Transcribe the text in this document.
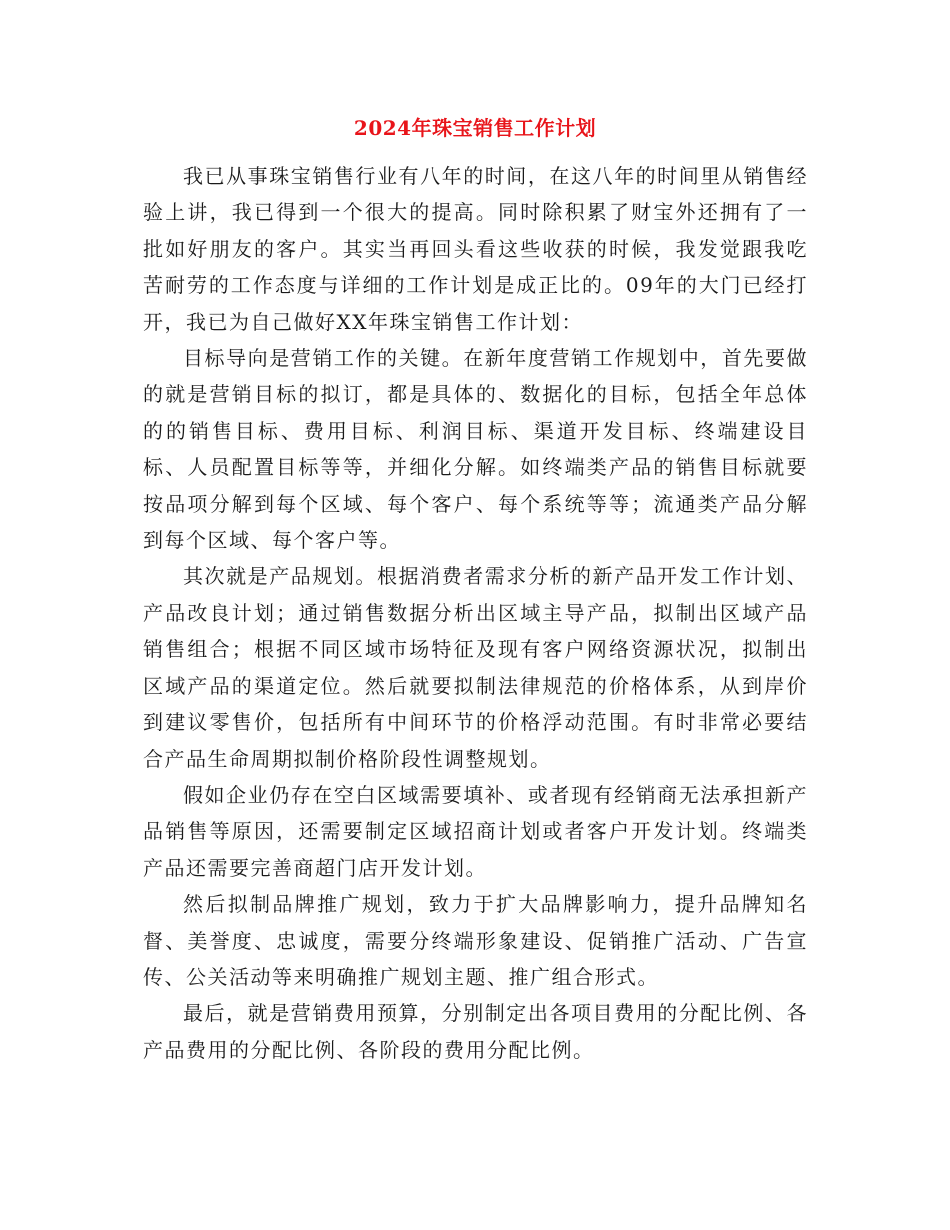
2024年珠宝销售工作计划

我已从事珠宝销售行业有八年的时间，在这八年的时间里从销售经验上讲，我已得到一个很大的提高。同时除积累了财宝外还拥有了一批如好朋友的客户。其实当再回头看这些收获的时候，我发觉跟我吃苦耐劳的工作态度与详细的工作计划是成正比的。09年的大门已经打开，我已为自己做好XX年珠宝销售工作计划：

目标导向是营销工作的关键。在新年度营销工作规划中，首先要做的就是营销目标的拟订，都是具体的、数据化的目标，包括全年总体的的销售目标、费用目标、利润目标、渠道开发目标、终端建设目标、人员配置目标等等，并细化分解。如终端类产品的销售目标就要按品项分解到每个区域、每个客户、每个系统等等；流通类产品分解到每个区域、每个客户等。

其次就是产品规划。根据消费者需求分析的新产品开发工作计划、产品改良计划；通过销售数据分析出区域主导产品，拟制出区域产品销售组合；根据不同区域市场特征及现有客户网络资源状况，拟制出区域产品的渠道定位。然后就要拟制法律规范的价格体系，从到岸价到建议零售价，包括所有中间环节的价格浮动范围。有时非常必要结合产品生命周期拟制价格阶段性调整规划。

假如企业仍存在空白区域需要填补、或者现有经销商无法承担新产品销售等原因，还需要制定区域招商计划或者客户开发计划。终端类产品还需要完善商超门店开发计划。

然后拟制品牌推广规划，致力于扩大品牌影响力，提升品牌知名督、美誉度、忠诚度，需要分终端形象建设、促销推广活动、广告宣传、公关活动等来明确推广规划主题、推广组合形式。

最后，就是营销费用预算，分别制定出各项目费用的分配比例、各产品费用的分配比例、各阶段的费用分配比例。
